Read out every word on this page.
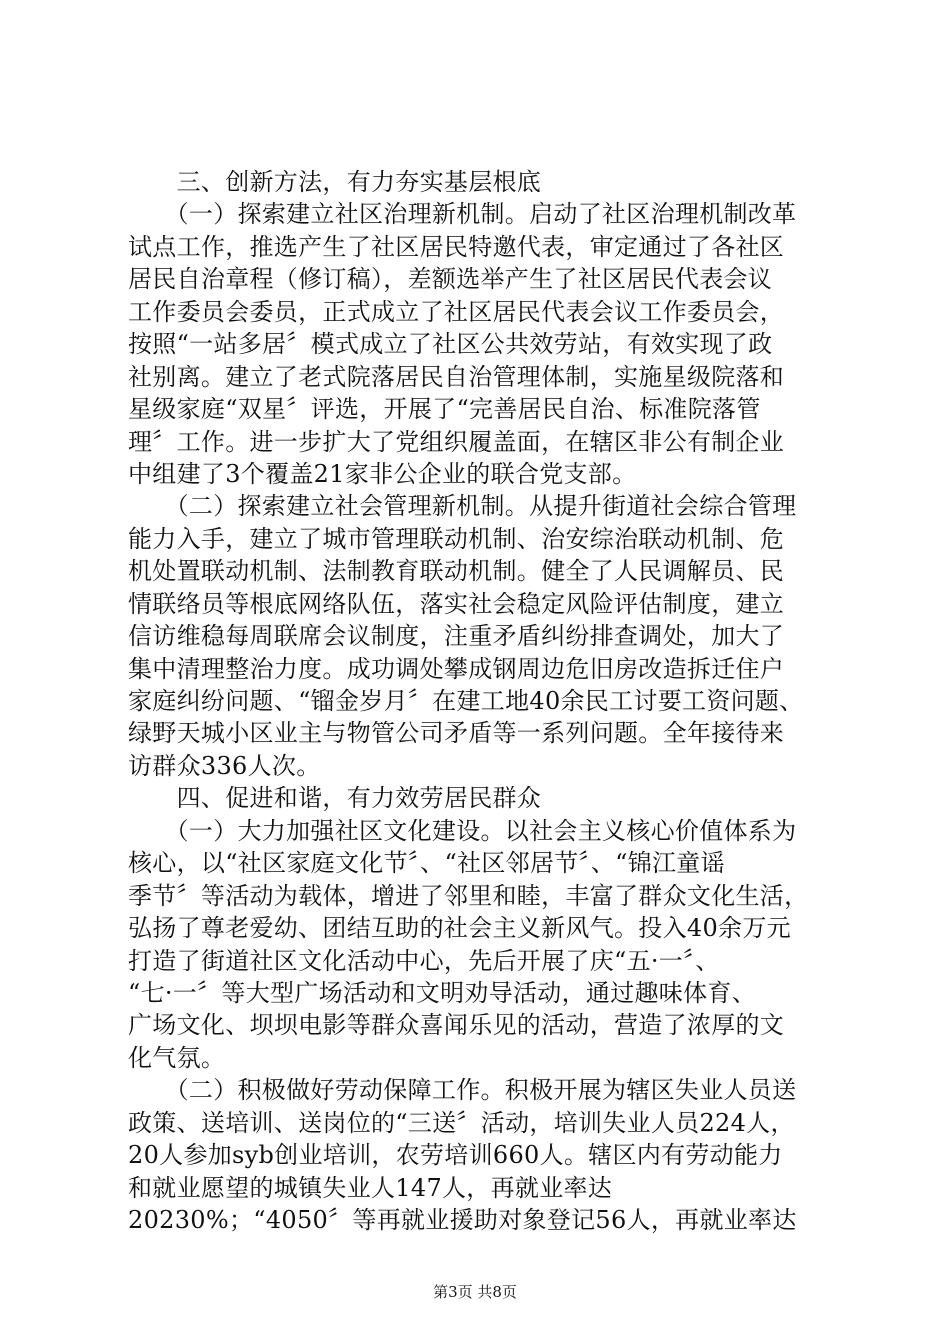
　　三、创新方法，有力夯实基层根底
　　（一）探索建立社区治理新机制。启动了社区治理机制改革
试点工作，推选产生了社区居民特邀代表，审定通过了各社区
居民自治章程（修订稿），差额选举产生了社区居民代表会议
工作委员会委员，正式成立了社区居民代表会议工作委员会，
按照“一站多居〞模式成立了社区公共效劳站，有效实现了政
社别离。建立了老式院落居民自治管理体制，实施星级院落和
星级家庭“双星〞评选，开展了“完善居民自治、标准院落管
理〞工作。进一步扩大了党组织履盖面，在辖区非公有制企业
中组建了3个覆盖21家非公企业的联合党支部。
　　（二）探索建立社会管理新机制。从提升街道社会综合管理
能力入手，建立了城市管理联动机制、治安综治联动机制、危
机处置联动机制、法制教育联动机制。健全了人民调解员、民
情联络员等根底网络队伍，落实社会稳定风险评估制度，建立
信访维稳每周联席会议制度，注重矛盾纠纷排查调处，加大了
集中清理整治力度。成功调处攀成钢周边危旧房改造拆迁住户
家庭纠纷问题、“镏金岁月〞在建工地40余民工讨要工资问题、
绿野天城小区业主与物管公司矛盾等一系列问题。全年接待来
访群众336人次。
　　四、促进和谐，有力效劳居民群众
　　（一）大力加强社区文化建设。以社会主义核心价值体系为
核心，以“社区家庭文化节〞、“社区邻居节〞、“锦江童谣
季节〞等活动为载体，增进了邻里和睦，丰富了群众文化生活，
弘扬了尊老爱幼、团结互助的社会主义新风气。投入40余万元
打造了街道社区文化活动中心，先后开展了庆“五·一〞、
“七·一〞等大型广场活动和文明劝导活动，通过趣味体育、
广场文化、坝坝电影等群众喜闻乐见的活动，营造了浓厚的文
化气氛。
　　（二）积极做好劳动保障工作。积极开展为辖区失业人员送
政策、送培训、送岗位的“三送〞活动，培训失业人员224人，
20人参加syb创业培训，农劳培训660人。辖区内有劳动能力
和就业愿望的城镇失业人147人，再就业率达
20230%；“4050〞等再就业援助对象登记56人，再就业率达
第3页 共8页
